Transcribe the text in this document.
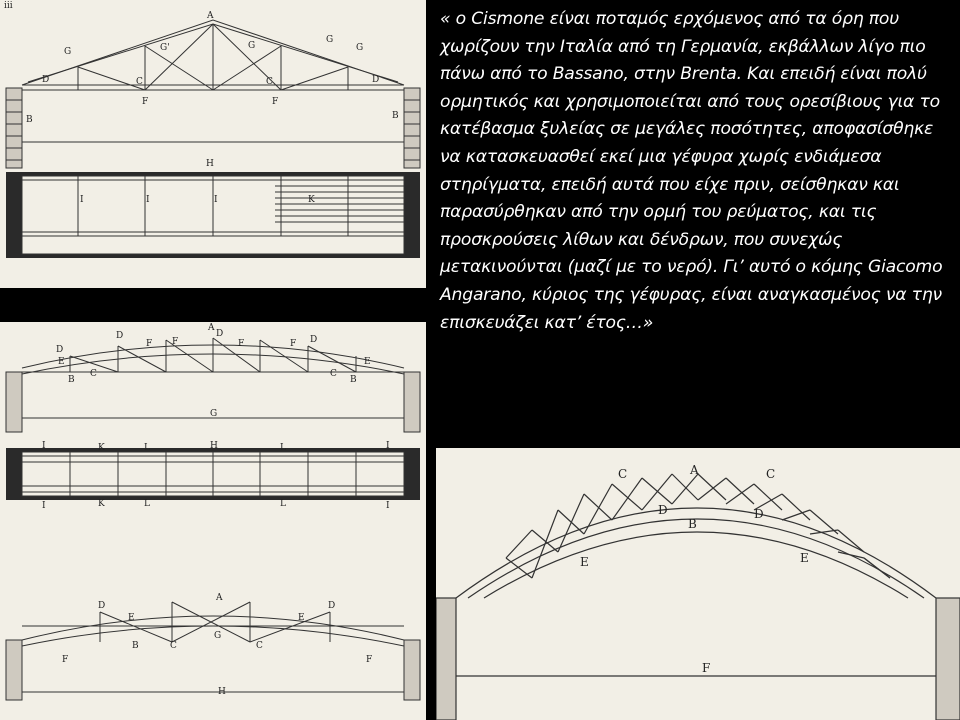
« ο Cismone είναι ποταμός ερχόμενος από τα όρη που χωρίζουν την Ιταλία από τη Γερμανία, εκβάλλων λίγο πιο πάνω από το Bassano, στην Brenta. Και επειδή είναι πολύ ορμητικός και χρησιμοποιείται από τους ορεσίβιους για το κατέβασμα ξυλείας σε μεγάλες ποσότητες, αποφασίσθηκε να κατασκευασθεί εκεί μια γέφυρα χωρίς ενδιάμεσα στηρίγματα, επειδή αυτά που είχε πριν, σείσθηκαν και παρασύρθηκαν από την ορμή του ρεύματος, και τις προσκρούσεις λίθων και δένδρων, που συνεχώς μετακινούνται (μαζί με το νερό). Γι’ αυτό ο κόμης Giacomo Angarano, κύριος της γέφυρας, είναι αναγκασμένος να την επισκευάζει κατ’ έτος…»
iii
A
G	G'	G	G
G
D	D
C	C
F	F
B	B
H
I	I	I	K
A
D	D
D
D
F	F	F
F
E	E
B	B
C	C
G
H
I	I
I	I
K
K
L	L
L	L
A
D	D
E	E
B
G
C	C
F	F
H
A
C	C
D	D
B
E	E
F
